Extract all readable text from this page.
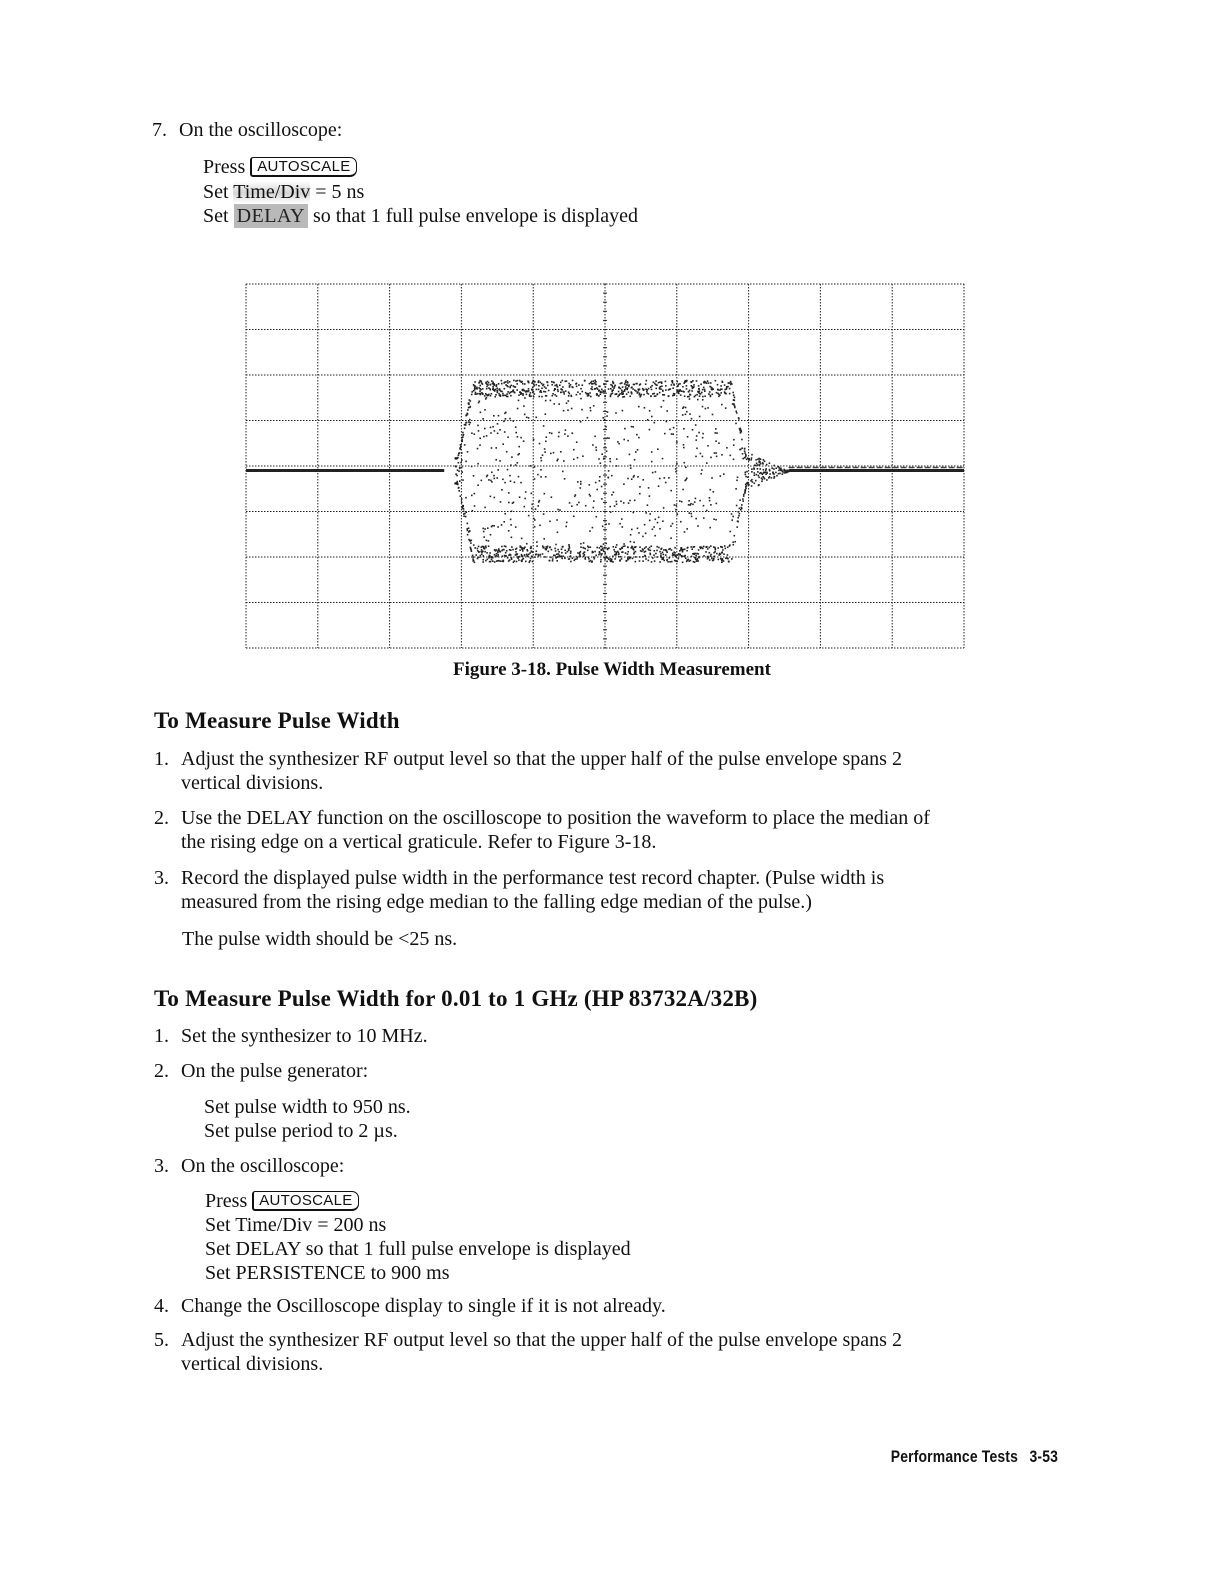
7. On the oscilloscope:
Press AUTOSCALE
Set Time/Div = 5 ns
Set DELAY so that 1 full pulse envelope is displayed
Figure 3-18. Pulse Width Measurement
To Measure Pulse Width
1. Adjust the synthesizer RF output level so that the upper half of the pulse envelope spans 2
vertical divisions.
2. Use the DELAY function on the oscilloscope to position the waveform to place the median of
the rising edge on a vertical graticule. Refer to Figure 3-18.
3. Record the displayed pulse width in the performance test record chapter. (Pulse width is
measured from the rising edge median to the falling edge median of the pulse.)
The pulse width should be <25 ns.
To Measure Pulse Width for 0.01 to 1 GHz (HP 83732A/32B)
1. Set the synthesizer to 10 MHz.
2. On the pulse generator:
Set pulse width to 950 ns.
Set pulse period to 2 µs.
3. On the oscilloscope:
Press AUTOSCALE
Set Time/Div = 200 ns
Set DELAY so that 1 full pulse envelope is displayed
Set PERSISTENCE to 900 ms
4. Change the Oscilloscope display to single if it is not already.
5. Adjust the synthesizer RF output level so that the upper half of the pulse envelope spans 2
vertical divisions.
Performance Tests 3-53
